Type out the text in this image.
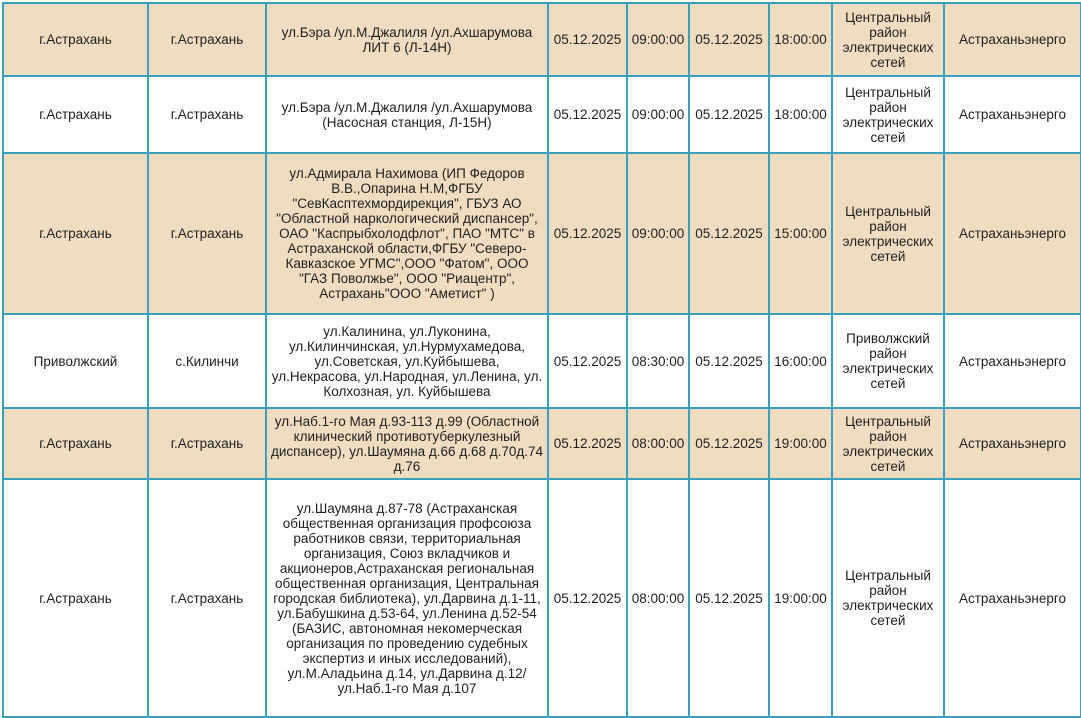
г.Астрахань	г.Астрахань	ул.Бэра /ул.М.Джалиля /ул.Ахшарумова ЛИТ 6 (Л-14Н)	05.12.2025	09:00:00	05.12.2025	18:00:00	Центральный район электрических сетей	Астраханьэнерго
г.Астрахань	г.Астрахань	ул.Бэра /ул.М.Джалиля /ул.Ахшарумова (Насосная станция, Л-15Н)	05.12.2025	09:00:00	05.12.2025	18:00:00	Центральный район электрических сетей	Астраханьэнерго
г.Астрахань	г.Астрахань	ул.Адмирала Нахимова (ИП Федоров В.В.,Опарина Н.М,ФГБУ "СевКасптехмордирекция", ГБУЗ АО "Областной наркологический диспансер", ОАО "Каспрыбхолодфлот", ПАО "МТС" в Астраханской области,ФГБУ "Северо-Кавказское УГМС",ООО "Фатом", ООО "ГАЗ Поволжье", ООО "Риацентр", Астрахань"ООО "Аметист" )	05.12.2025	09:00:00	05.12.2025	15:00:00	Центральный район электрических сетей	Астраханьэнерго
Приволжский	с.Килинчи	ул.Калинина, ул.Луконина, ул.Килинчинская, ул.Нурмухамедова, ул.Советская, ул.Куйбышева, ул.Некрасова, ул.Народная, ул.Ленина, ул. Колхозная, ул. Куйбышева	05.12.2025	08:30:00	05.12.2025	16:00:00	Приволжский район электрических сетей	Астраханьэнерго
г.Астрахань	г.Астрахань	ул.Наб.1-го Мая д.93-113 д.99 (Областной клинический противотуберкулезный диспансер), ул.Шаумяна д.66 д.68 д.70д.74 д.76	05.12.2025	08:00:00	05.12.2025	19:00:00	Центральный район электрических сетей	Астраханьэнерго
г.Астрахань	г.Астрахань	ул.Шаумяна д.87-78 (Астраханская общественная организация профсоюза работников связи, территориальная организация, Союз вкладчиков и акционеров,Астраханская региональная общественная организация, Центральная городская библиотека), ул.Дарвина д.1-11, ул.Бабушкина д.53-64, ул.Ленина д.52-54 (БАЗИС, автономная некомерческая организация по проведению судебных экспертиз и иных исследований), ул.М.Аладьина д.14, ул.Дарвина д.12/ ул.Наб.1-го Мая д.107	05.12.2025	08:00:00	05.12.2025	19:00:00	Центральный район электрических сетей	Астраханьэнерго
